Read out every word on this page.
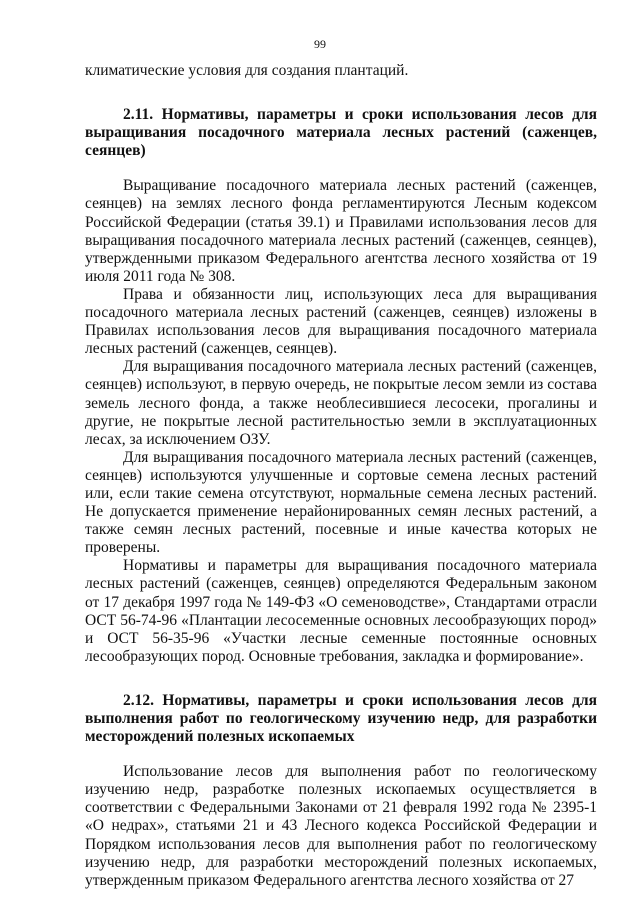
99

климатические условия для создания плантаций.

2.11. Нормативы, параметры и сроки использования лесов для выращивания посадочного материала лесных растений (саженцев, сеянцев)

Выращивание посадочного материала лесных растений (саженцев, сеянцев) на землях лесного фонда регламентируются Лесным кодексом Российской Федерации (статья 39.1) и Правилами использования лесов для выращивания посадочного материала лесных растений (саженцев, сеянцев), утвержденными приказом Федерального агентства лесного хозяйства от 19 июля 2011 года № 308.

Права и обязанности лиц, использующих леса для выращивания посадочного материала лесных растений (саженцев, сеянцев) изложены в Правилах использования лесов для выращивания посадочного материала лесных растений (саженцев, сеянцев).

Для выращивания посадочного материала лесных растений (саженцев, сеянцев) используют, в первую очередь, не покрытые лесом земли из состава земель лесного фонда, а также необлесившиеся лесосеки, прогалины и другие, не покрытые лесной растительностью земли в эксплуатационных лесах, за исключением ОЗУ.

Для выращивания посадочного материала лесных растений (саженцев, сеянцев) используются улучшенные и сортовые семена лесных растений или, если такие семена отсутствуют, нормальные семена лесных растений. Не допускается применение нерайонированных семян лесных растений, а также семян лесных растений, посевные и иные качества которых не проверены.

Нормативы и параметры для выращивания посадочного материала лесных растений (саженцев, сеянцев) определяются Федеральным законом от 17 декабря 1997 года № 149-ФЗ «О семеноводстве», Стандартами отрасли ОСТ 56-74-96 «Плантации лесосеменные основных лесообразующих пород» и ОСТ 56-35-96 «Участки лесные семенные постоянные основных лесообразующих пород. Основные требования, закладка и формирование».

2.12. Нормативы, параметры и сроки использования лесов для выполнения работ по геологическому изучению недр, для разработки месторождений полезных ископаемых

Использование лесов для выполнения работ по геологическому изучению недр, разработке полезных ископаемых осуществляется в соответствии с Федеральными Законами от 21 февраля 1992 года № 2395-1 «О недрах», статьями 21 и 43 Лесного кодекса Российской Федерации и Порядком использования лесов для выполнения работ по геологическому изучению недр, для разработки месторождений полезных ископаемых, утвержденным приказом Федерального агентства лесного хозяйства от 27
